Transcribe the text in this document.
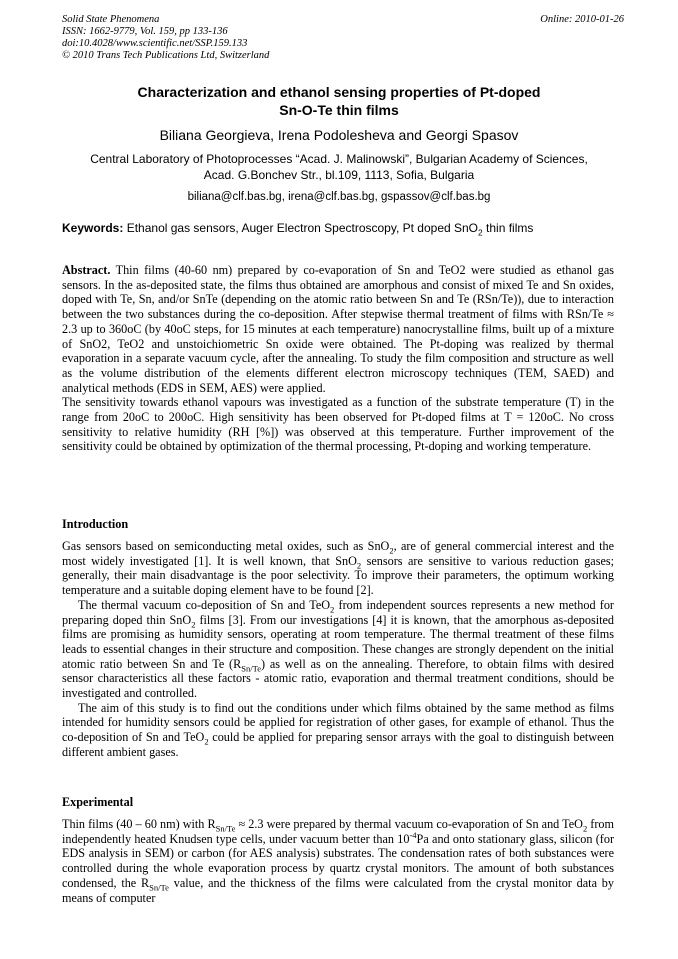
Solid State Phenomena
ISSN: 1662-9779, Vol. 159, pp 133-136
doi:10.4028/www.scientific.net/SSP.159.133
© 2010 Trans Tech Publications Ltd, Switzerland
Online: 2010-01-26
Characterization and ethanol sensing properties of Pt-doped
Sn-O-Te thin films
Biliana Georgieva, Irena Podolesheva and Georgi Spasov
Central Laboratory of Photoprocesses “Acad. J. Malinowski”, Bulgarian Academy of Sciences,
Acad. G.Bonchev Str., bl.109, 1113, Sofia, Bulgaria
biliana@clf.bas.bg, irena@clf.bas.bg, gspassov@clf.bas.bg
Keywords: Ethanol gas sensors, Auger Electron Spectroscopy, Pt doped SnO$_2$ thin films

Abstract. Thin films (40-60 nm) prepared by co-evaporation of Sn and TeO2 were studied as ethanol gas sensors. In the as-deposited state, the films thus obtained are amorphous and consist of mixed Te and Sn oxides, doped with Te, Sn, and/or SnTe (depending on the atomic ratio between Sn and Te (RSn/Te)), due to interaction between the two substances during the co-deposition. After stepwise thermal treatment of films with RSn/Te ≈ 2.3 up to 360oC (by 40oC steps, for 15 minutes at each temperature) nanocrystalline films, built up of a mixture of SnO2, TeO2 and unstoichiometric Sn oxide were obtained. The Pt-doping was realized by thermal evaporation in a separate vacuum cycle, after the annealing. To study the film composition and structure as well as the volume distribution of the elements different electron microscopy techniques (TEM, SAED) and analytical methods (EDS in SEM, AES) were applied.

The sensitivity towards ethanol vapours was investigated as a function of the substrate temperature (T) in the range from 20oC to 200oC. High sensitivity has been observed for Pt-doped films at T = 120oC. No cross sensitivity to relative humidity (RH [%]) was observed at this temperature. Further improvement of the sensitivity could be obtained by optimization of the thermal processing, Pt-doping and working temperature.

Introduction

Gas sensors based on semiconducting metal oxides, such as SnO$_2$, are of general commercial interest and the most widely investigated [1]. It is well known, that SnO$_2$ sensors are sensitive to various reduction gases; generally, their main disadvantage is the poor selectivity. To improve their parameters, the optimum working temperature and a suitable doping element have to be found [2].

The thermal vacuum co-deposition of Sn and TeO$_2$ from independent sources represents a new method for preparing doped thin SnO$_2$ films [3]. From our investigations [4] it is known, that the amorphous as-deposited films are promising as humidity sensors, operating at room temperature. The thermal treatment of these films leads to essential changes in their structure and composition. These changes are strongly dependent on the initial atomic ratio between Sn and Te $(R_{Sn/Te})$ as well as on the annealing. Therefore, to obtain films with desired sensor characteristics all these factors - atomic ratio, evaporation and thermal treatment conditions, should be investigated and controlled.

The aim of this study is to find out the conditions under which films obtained by the same method as films intended for humidity sensors could be applied for registration of other gases, for example of ethanol. Thus the co-deposition of Sn and TeO$_2$ could be applied for preparing sensor arrays with the goal to distinguish between different ambient gases.

Experimental

Thin films (40 – 60 nm) with $R_{Sn/Te} \approx 2.3$ were prepared by thermal vacuum co-evaporation of Sn and TeO$_2$ from independently heated Knudsen type cells, under vacuum better than $10^{-4}Pa$ and onto stationary glass, silicon (for EDS analysis in SEM) or carbon (for AES analysis) substrates. The condensation rates of both substances were controlled during the whole evaporation process by quartz crystal monitors. The amount of both substances condensed, the $R_{Sn/Te}$ value, and the thickness of the films were calculated from the crystal monitor data by means of computer
